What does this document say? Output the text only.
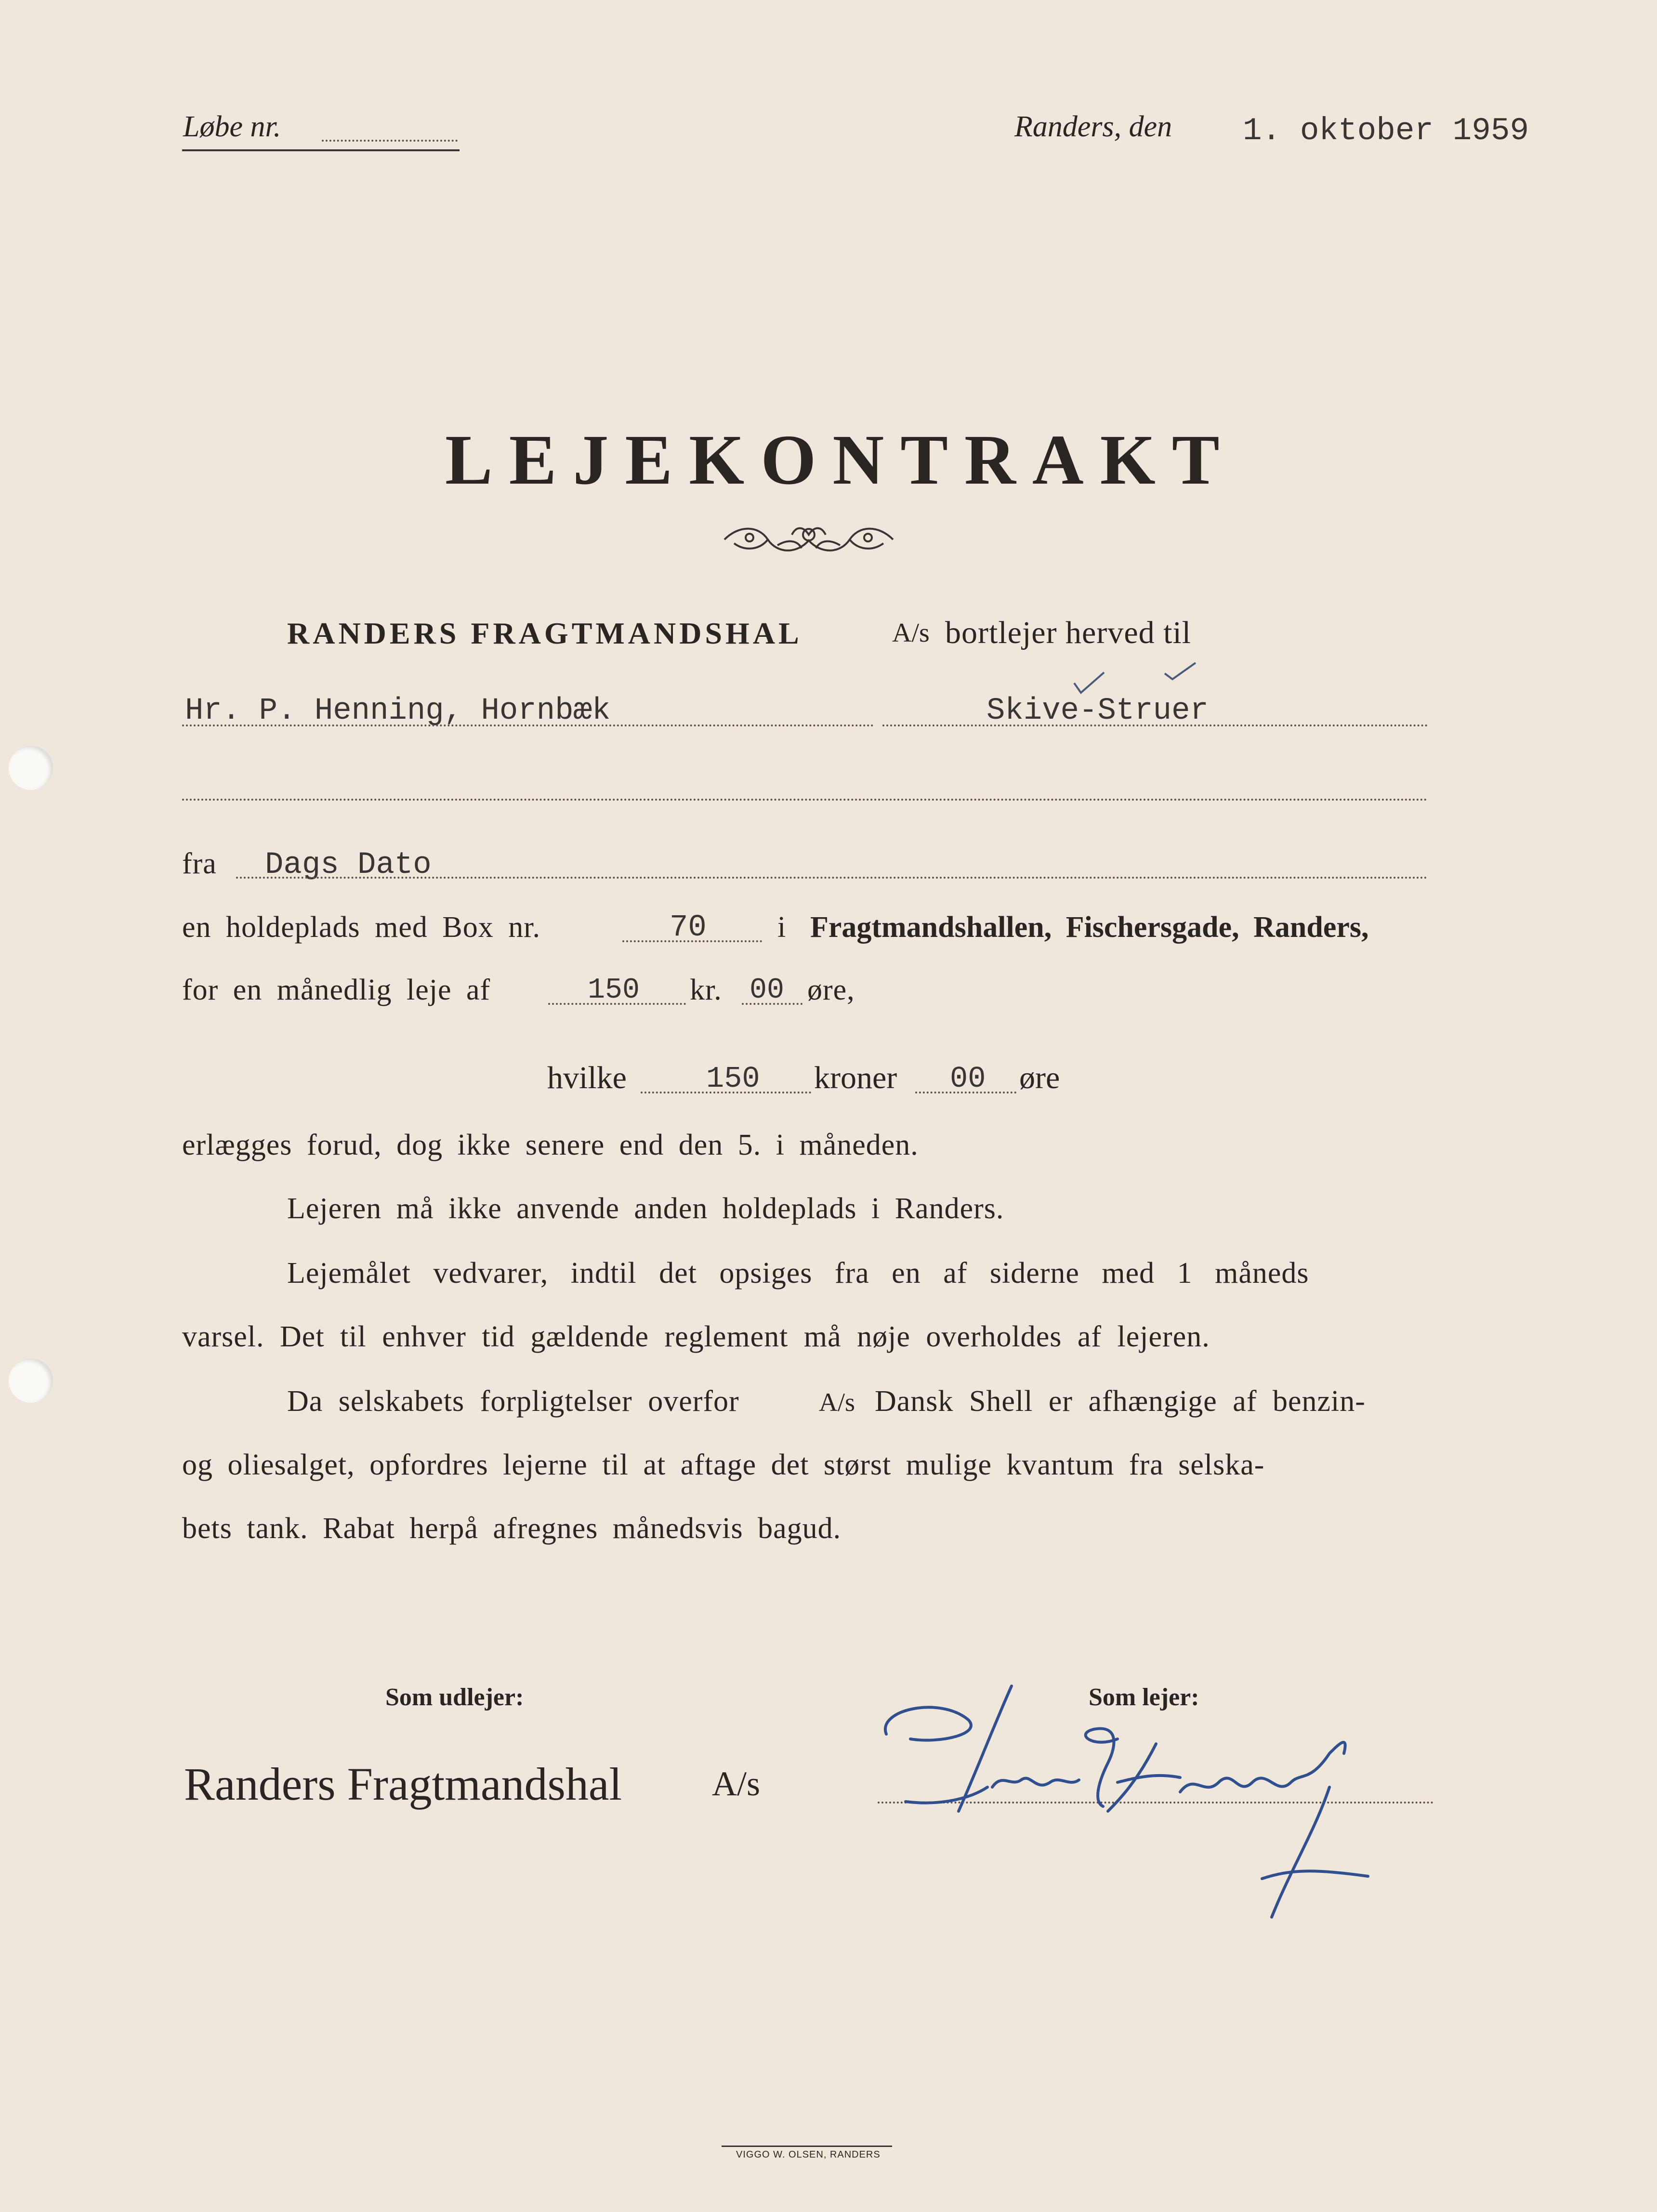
Løbe nr.	Randers, den 1. oktober 1959
LEJEKONTRAKT
RANDERS FRAGTMANDSHAL	A/s bortlejer herved til
Hr. P. Henning, Hornbæk	Skive-Struer
fra Dags Dato
en holdeplads med Box nr.	70 i Fragtmandshallen, Fischersgade, Randers,
for en månedlig leje af	150 kr. 00 øre,
hvilke	150 kroner 00 øre
erlægges forud, dog ikke senere end den 5. i måneden.
Lejeren må ikke anvende anden holdeplads i Randers.
Lejemålet vedvarer, indtil det opsiges fra en af siderne med 1 måneds
varsel. Det til enhver tid gældende reglement må nøje overholdes af lejeren.
Da selskabets forpligtelser overfor	A/s Dansk Shell er afhængige af benzin-
og oliesalget, opfordres lejerne til at aftage det størst mulige kvantum fra selska-
bets tank. Rabat herpå afregnes månedsvis bagud.
Som udlejer:
Randers Fragtmandshal	A/s
Som lejer:
VIGGO W. OLSEN, RANDERS
